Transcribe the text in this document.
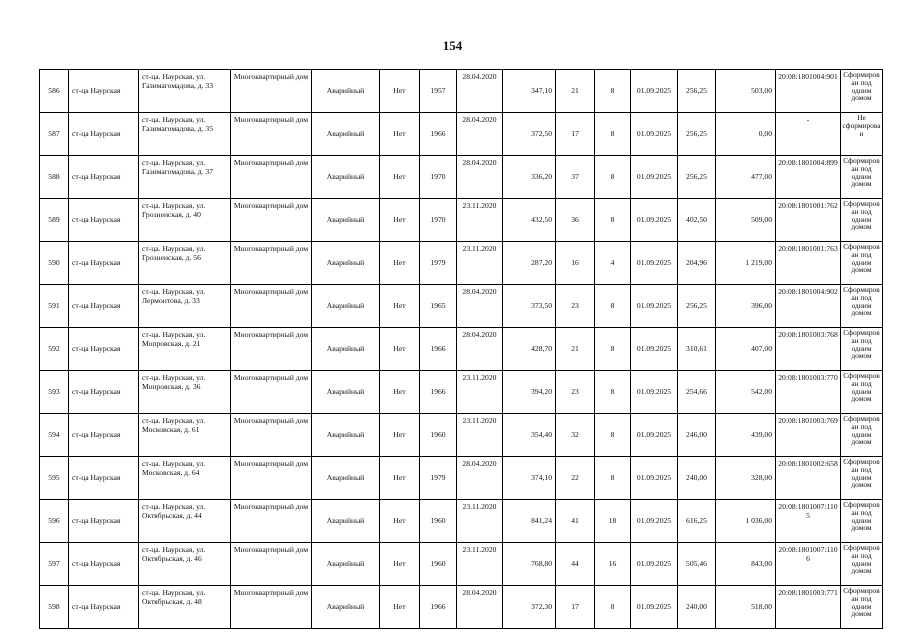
154
586	ст-ца Наурская	ст-ца. Наурская, ул. Газимагомадова, д. 33	Многоквартирный дом	Аварийный	Нет	1957	28.04.2020	347,10	21	8	01.09.2025	256,25	503,00	20:08:1801004:901	Сформирован под одним домом
587	ст-ца Наурская	ст-ца. Наурская, ул. Газимагомадова, д. 35	Многоквартирный дом	Аварийный	Нет	1966	28.04.2020	372,50	17	8	01.09.2025	256,25	0,00	-	Не сформирован
588	ст-ца Наурская	ст-ца. Наурская, ул. Газимагомадова, д. 37	Многоквартирный дом	Аварийный	Нет	1970	28.04.2020	336,20	37	8	01.09.2025	256,25	477,00	20:08:1801004:899	Сформирован под одним домом
589	ст-ца Наурская	ст-ца. Наурская, ул. Грозненская, д. 40	Многоквартирный дом	Аварийный	Нет	1970	23.11.2020	432,50	36	8	01.09.2025	402,50	509,00	20:08:1801001:762	Сформирован под одним домом
590	ст-ца Наурская	ст-ца. Наурская, ул. Грозненская, д. 56	Многоквартирный дом	Аварийный	Нет	1979	23.11.2020	287,20	16	4	01.09.2025	204,96	1 219,00	20:08:1801001:763	Сформирован под одним домом
591	ст-ца Наурская	ст-ца. Наурская, ул. Лермонтова, д. 33	Многоквартирный дом	Аварийный	Нет	1965	28.04.2020	373,50	23	8	01.09.2025	256,25	396,00	20:08:1801004:902	Сформирован под одним домом
592	ст-ца Наурская	ст-ца. Наурская, ул. Мопровская, д. 21	Многоквартирный дом	Аварийный	Нет	1966	28.04.2020	428,70	21	8	01.09.2025	310,61	407,00	20:08:1801003:768	Сформирован под одним домом
593	ст-ца Наурская	ст-ца. Наурская, ул. Мопровская, д. 36	Многоквартирный дом	Аварийный	Нет	1966	23.11.2020	394,20	23	8	01.09.2025	254,66	542,00	20:08:1801003:770	Сформирован под одним домом
594	ст-ца Наурская	ст-ца. Наурская, ул. Московская, д. 61	Многоквартирный дом	Аварийный	Нет	1960	23.11.2020	354,40	32	8	01.09.2025	246,00	439,00	20:08:1801003:769	Сформирован под одним домом
595	ст-ца Наурская	ст-ца. Наурская, ул. Московская, д. 64	Многоквартирный дом	Аварийный	Нет	1979	28.04.2020	374,10	22	8	01.09.2025	240,00	328,00	20:08:1801002:658	Сформирован под одним домом
596	ст-ца Наурская	ст-ца. Наурская, ул. Октябрьская, д. 44	Многоквартирный дом	Аварийный	Нет	1960	23.11.2020	841,24	41	18	01.09.2025	616,25	1 036,00	20:08:1801007:1105	Сформирован под одним домом
597	ст-ца Наурская	ст-ца. Наурская, ул. Октябрьская, д. 46	Многоквартирный дом	Аварийный	Нет	1960	23.11.2020	768,80	44	16	01.09.2025	505,46	843,00	20:08:1801007:1106	Сформирован под одним домом
598	ст-ца Наурская	ст-ца. Наурская, ул. Октябрьская, д. 48	Многоквартирный дом	Аварийный	Нет	1966	28.04.2020	372,30	17	8	01.09.2025	240,00	518,00	20:08:1801003:771	Сформирован под одним домом
